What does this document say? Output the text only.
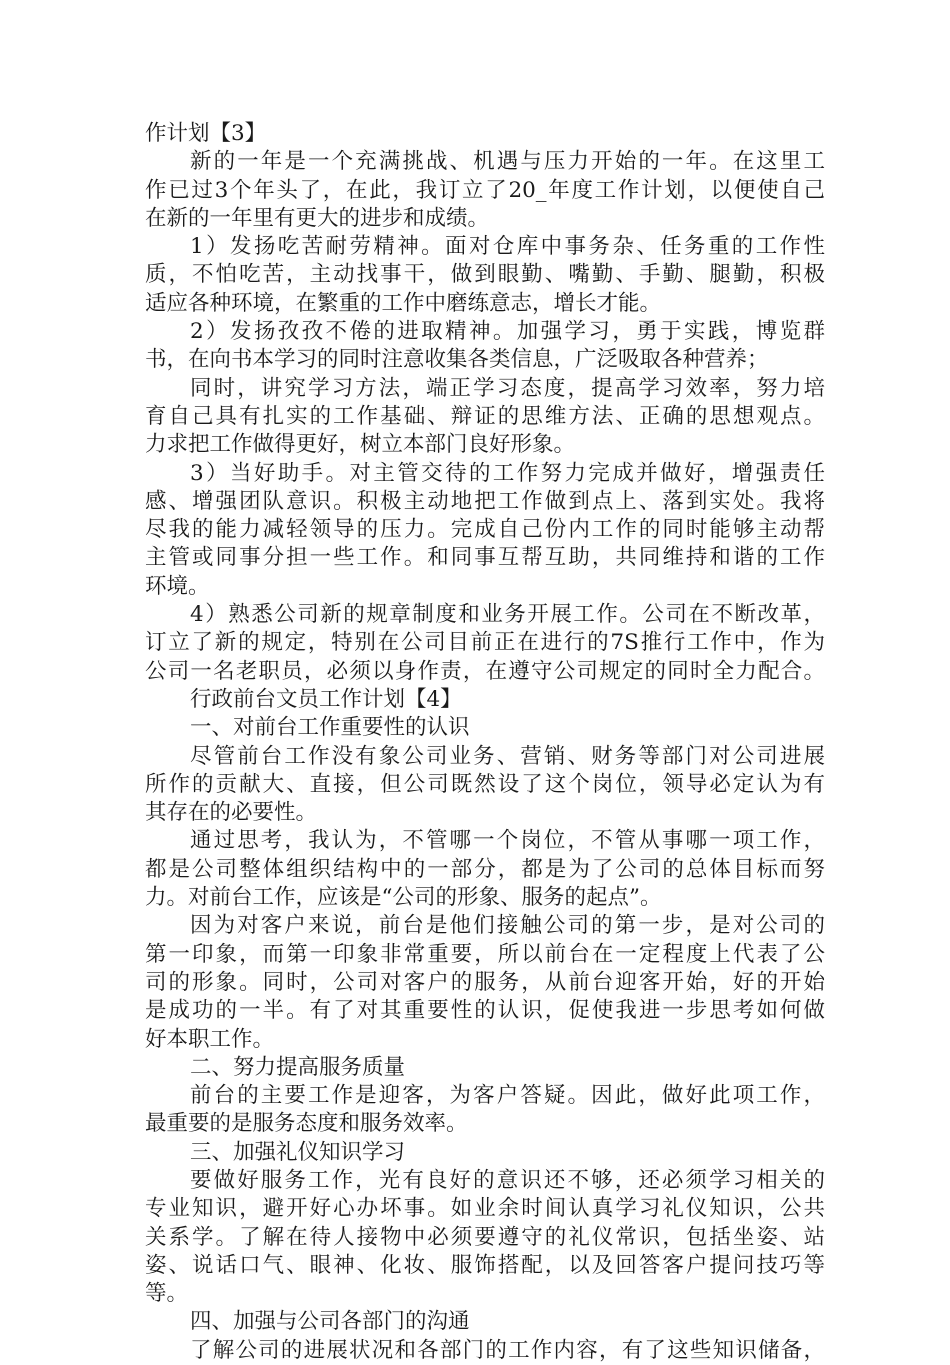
作计划【3】
新的一年是一个充满挑战、机遇与压力开始的一年。在这里工
作已过3个年头了，在此，我订立了20_年度工作计划，以便使自己
在新的一年里有更大的进步和成绩。
1）发扬吃苦耐劳精神。面对仓库中事务杂、任务重的工作性
质，不怕吃苦，主动找事干，做到眼勤、嘴勤、手勤、腿勤，积极
适应各种环境，在繁重的工作中磨练意志，增长才能。
2）发扬孜孜不倦的进取精神。加强学习，勇于实践，博览群
书，在向书本学习的同时注意收集各类信息，广泛吸取各种营养；
同时，讲究学习方法，端正学习态度，提高学习效率，努力培
育自己具有扎实的工作基础、辩证的思维方法、正确的思想观点。
力求把工作做得更好，树立本部门良好形象。
3）当好助手。对主管交待的工作努力完成并做好，增强责任
感、增强团队意识。积极主动地把工作做到点上、落到实处。我将
尽我的能力减轻领导的压力。完成自己份内工作的同时能够主动帮
主管或同事分担一些工作。和同事互帮互助，共同维持和谐的工作
环境。
4）熟悉公司新的规章制度和业务开展工作。公司在不断改革，
订立了新的规定，特别在公司目前正在进行的7S推行工作中，作为
公司一名老职员，必须以身作责，在遵守公司规定的同时全力配合。
行政前台文员工作计划【4】
一、对前台工作重要性的认识
尽管前台工作没有象公司业务、营销、财务等部门对公司进展
所作的贡献大、直接，但公司既然设了这个岗位，领导必定认为有
其存在的必要性。
通过思考，我认为，不管哪一个岗位，不管从事哪一项工作，
都是公司整体组织结构中的一部分，都是为了公司的总体目标而努
力。对前台工作，应该是“公司的形象、服务的起点”。
因为对客户来说，前台是他们接触公司的第一步，是对公司的
第一印象，而第一印象非常重要，所以前台在一定程度上代表了公
司的形象。同时，公司对客户的服务，从前台迎客开始，好的开始
是成功的一半。有了对其重要性的认识，促使我进一步思考如何做
好本职工作。
二、努力提高服务质量
前台的主要工作是迎客，为客户答疑。因此，做好此项工作，
最重要的是服务态度和服务效率。
三、加强礼仪知识学习
要做好服务工作，光有良好的意识还不够，还必须学习相关的
专业知识，避开好心办坏事。如业余时间认真学习礼仪知识，公共
关系学。了解在待人接物中必须要遵守的礼仪常识，包括坐姿、站
姿、说话口气、眼神、化妆、服饰搭配，以及回答客户提问技巧等
等。
四、加强与公司各部门的沟通
了解公司的进展状况和各部门的工作内容，有了这些知识储备，
